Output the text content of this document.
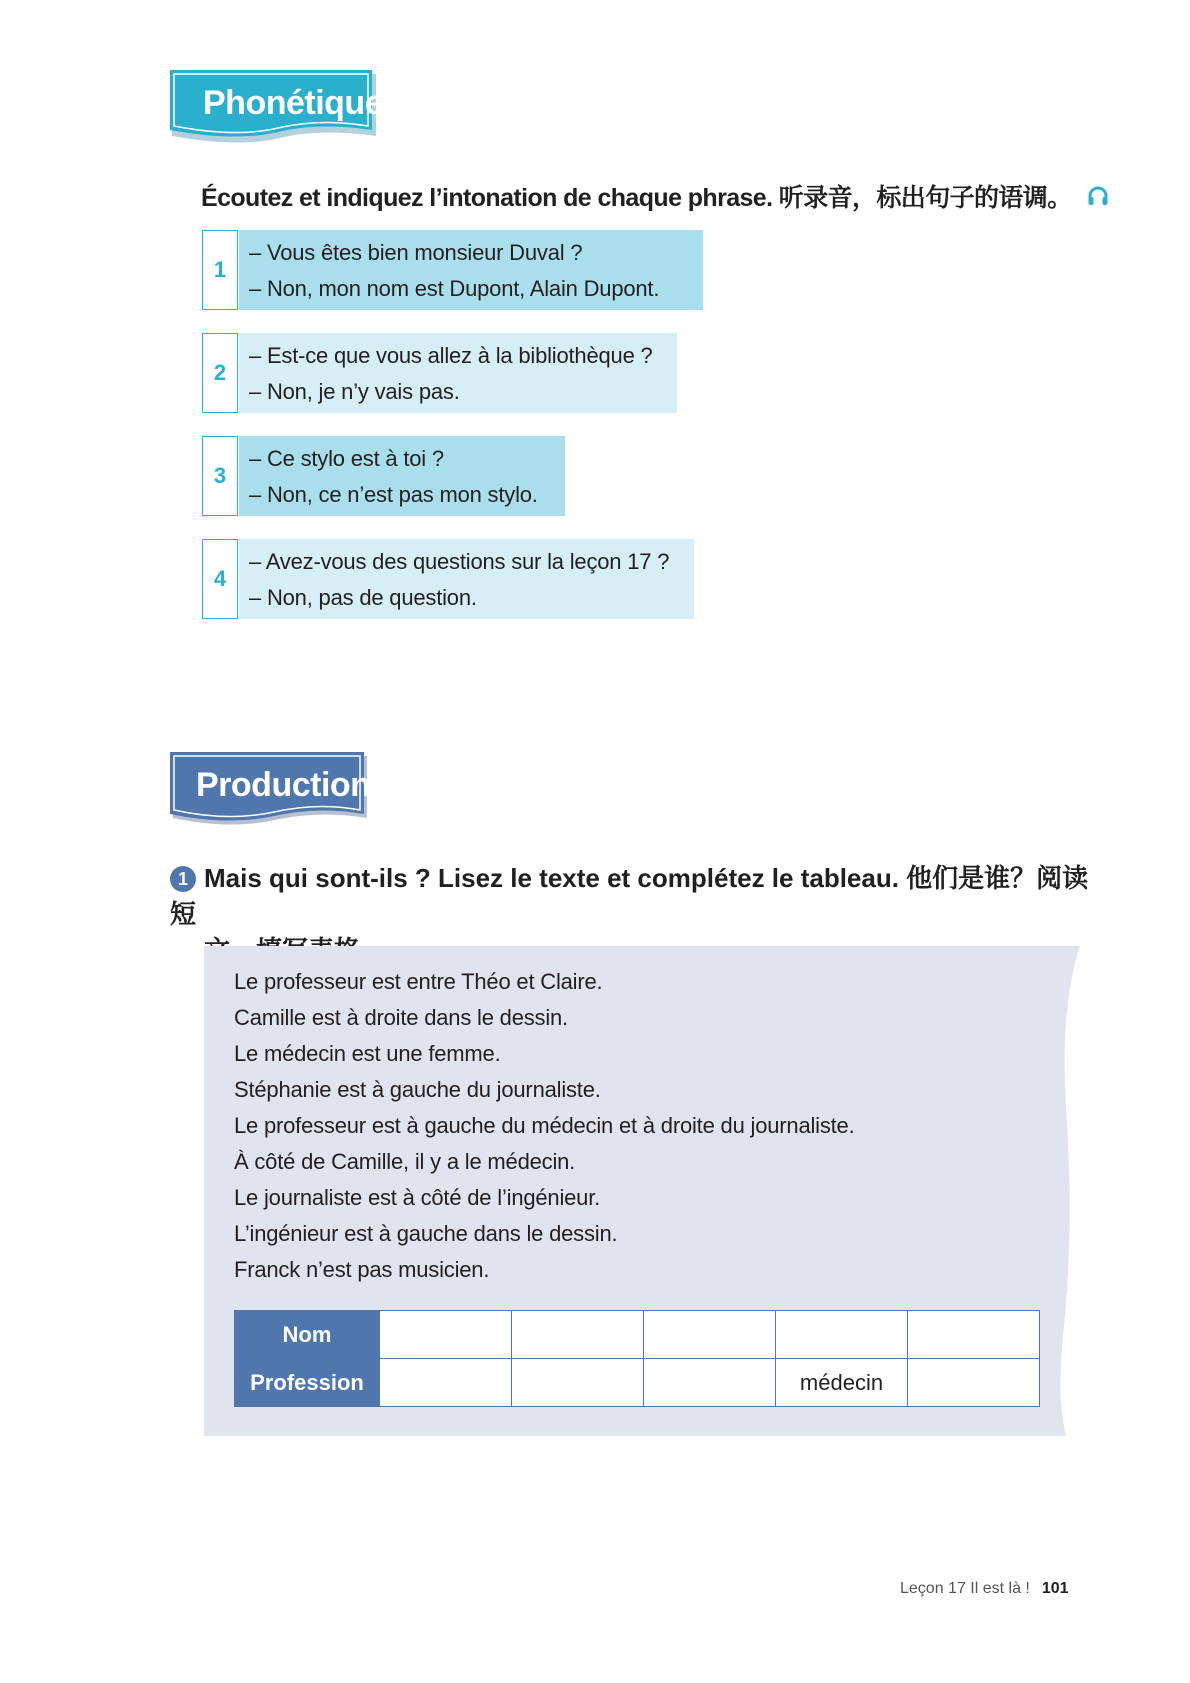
Phonétique
Écoutez et indiquez l’intonation de chaque phrase. 听录音，标出句子的语调。
1
– Vous êtes bien monsieur Duval ?
– Non, mon nom est Dupont, Alain Dupont.
2
– Est-ce que vous allez à la bibliothèque ?
– Non, je n’y vais pas.
3
– Ce stylo est à toi ?
– Non, ce n’est pas mon stylo.
4
– Avez-vous des questions sur la leçon 17 ?
– Non, pas de question.
Production
1 Mais qui sont-ils ? Lisez le texte et complétez le tableau. 他们是谁？阅读短
Le professeur est entre Théo et Claire.
Camille est à droite dans le dessin.
Le médecin est une femme.
Stéphanie est à gauche du journaliste.
Le professeur est à gauche du médecin et à droite du journaliste.
À côté de Camille, il y a le médecin.
Le journaliste est à côté de l’ingénieur.
L’ingénieur est à gauche dans le dessin.
Franck n’est pas musicien.
Nom					
Profession				médecin	
Leçon 17 Il est là ! 101
